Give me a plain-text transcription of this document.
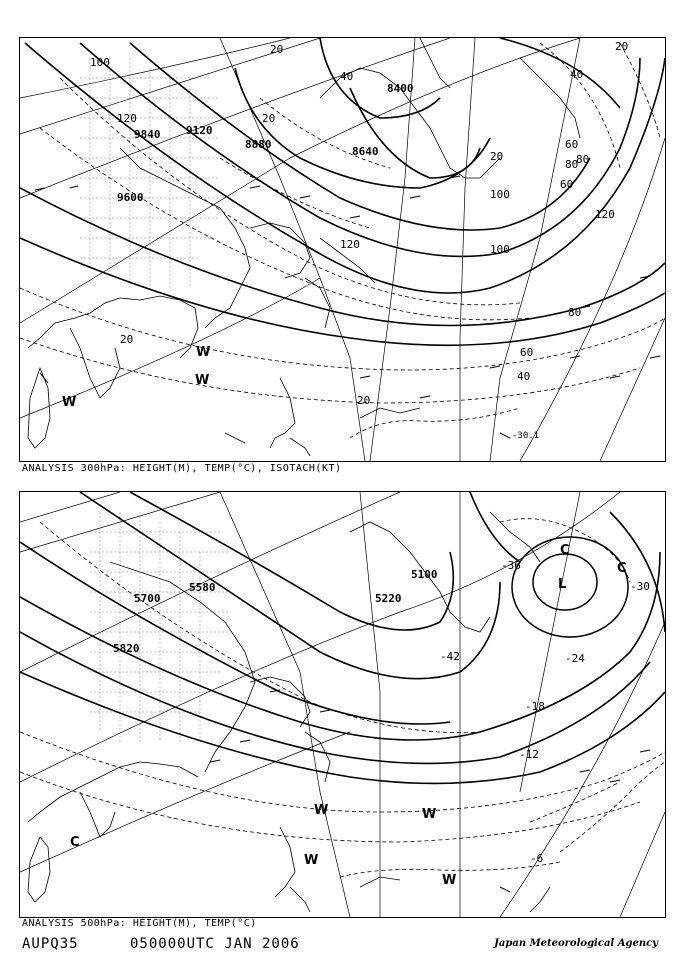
9840 9120
8880
8640
8400
9600
100
120
120
100
120
100
80
60
40
20
20
20
20
40
60
80
80
60
40
20
20
-30.1
W
W
W
ANALYSIS 300hPa: HEIGHT(M), TEMP(°C), ISOTACH(KT)
5700
5580
5820
5100
5220
-36
-30
-24
-18
-12
-6
-42
L
C
C
C
W	W
W
W
ANALYSIS 500hPa: HEIGHT(M), TEMP(°C)
AUPQ35	050000UTC JAN 2006	Japan Meteorological Agency
